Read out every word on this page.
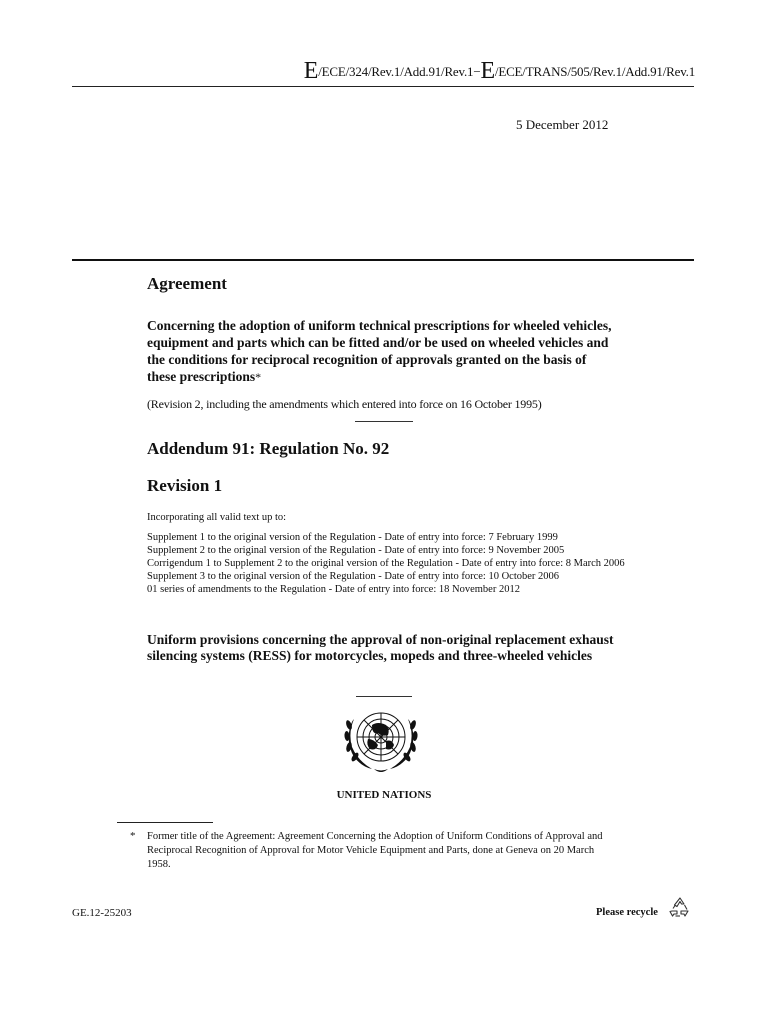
E/ECE/324/Rev.1/Add.91/Rev.1−E/ECE/TRANS/505/Rev.1/Add.91/Rev.1
5 December 2012
Agreement
Concerning the adoption of uniform technical prescriptions for wheeled vehicles, equipment and parts which can be fitted and/or be used on wheeled vehicles and the conditions for reciprocal recognition of approvals granted on the basis of these prescriptions*
(Revision 2, including the amendments which entered into force on 16 October 1995)
Addendum 91: Regulation No. 92
Revision 1
Incorporating all valid text up to:
Supplement 1 to the original version of the Regulation - Date of entry into force: 7 February 1999
Supplement 2 to the original version of the Regulation - Date of entry into force: 9 November 2005
Corrigendum 1 to Supplement 2 to the original version of the Regulation - Date of entry into force: 8 March 2006
Supplement 3 to the original version of the Regulation - Date of entry into force: 10 October 2006
01 series of amendments to the Regulation - Date of entry into force: 18 November 2012
Uniform provisions concerning the approval of non-original replacement exhaust silencing systems (RESS) for motorcycles, mopeds and three-wheeled vehicles
UNITED NATIONS
* Former title of the Agreement: Agreement Concerning the Adoption of Uniform Conditions of Approval and Reciprocal Recognition of Approval for Motor Vehicle Equipment and Parts, done at Geneva on 20 March 1958.
GE.12-25203	Please recycle
